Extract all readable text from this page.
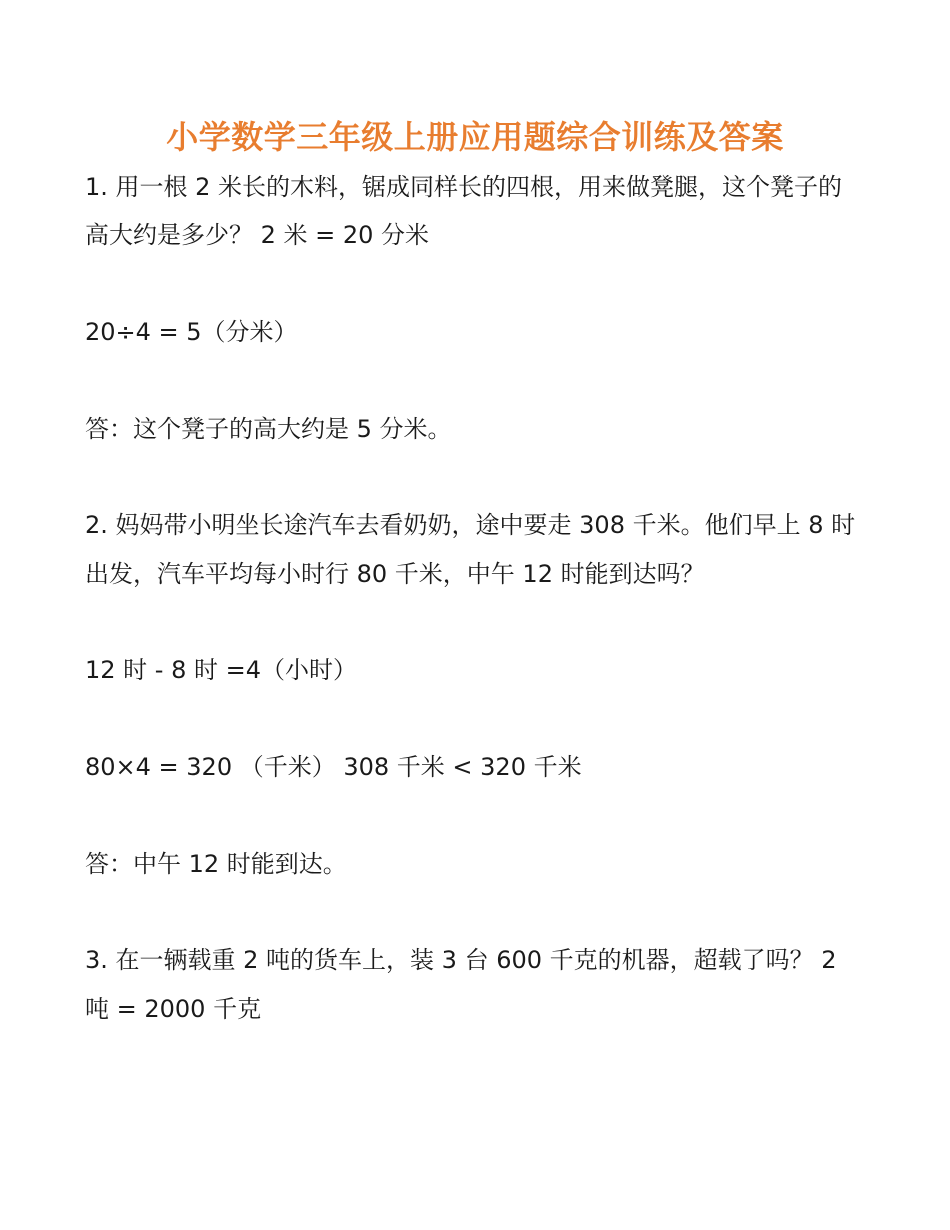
小学数学三年级上册应用题综合训练及答案
1. 用一根 2 米长的木料，锯成同样长的四根，用来做凳腿，这个凳子的
高大约是多少？ 2 米 = 20 分米
20÷4 = 5（分米）
答：这个凳子的高大约是 5 分米。
2. 妈妈带小明坐长途汽车去看奶奶，途中要走 308 千米。他们早上 8 时
出发，汽车平均每小时行 80 千米，中午 12 时能到达吗？
12 时 - 8 时 =4（小时）
80×4 = 320 （千米） 308 千米 < 320 千米
答：中午 12 时能到达。
3. 在一辆载重 2 吨的货车上，装 3 台 600 千克的机器，超载了吗？ 2
吨 = 2000 千克
